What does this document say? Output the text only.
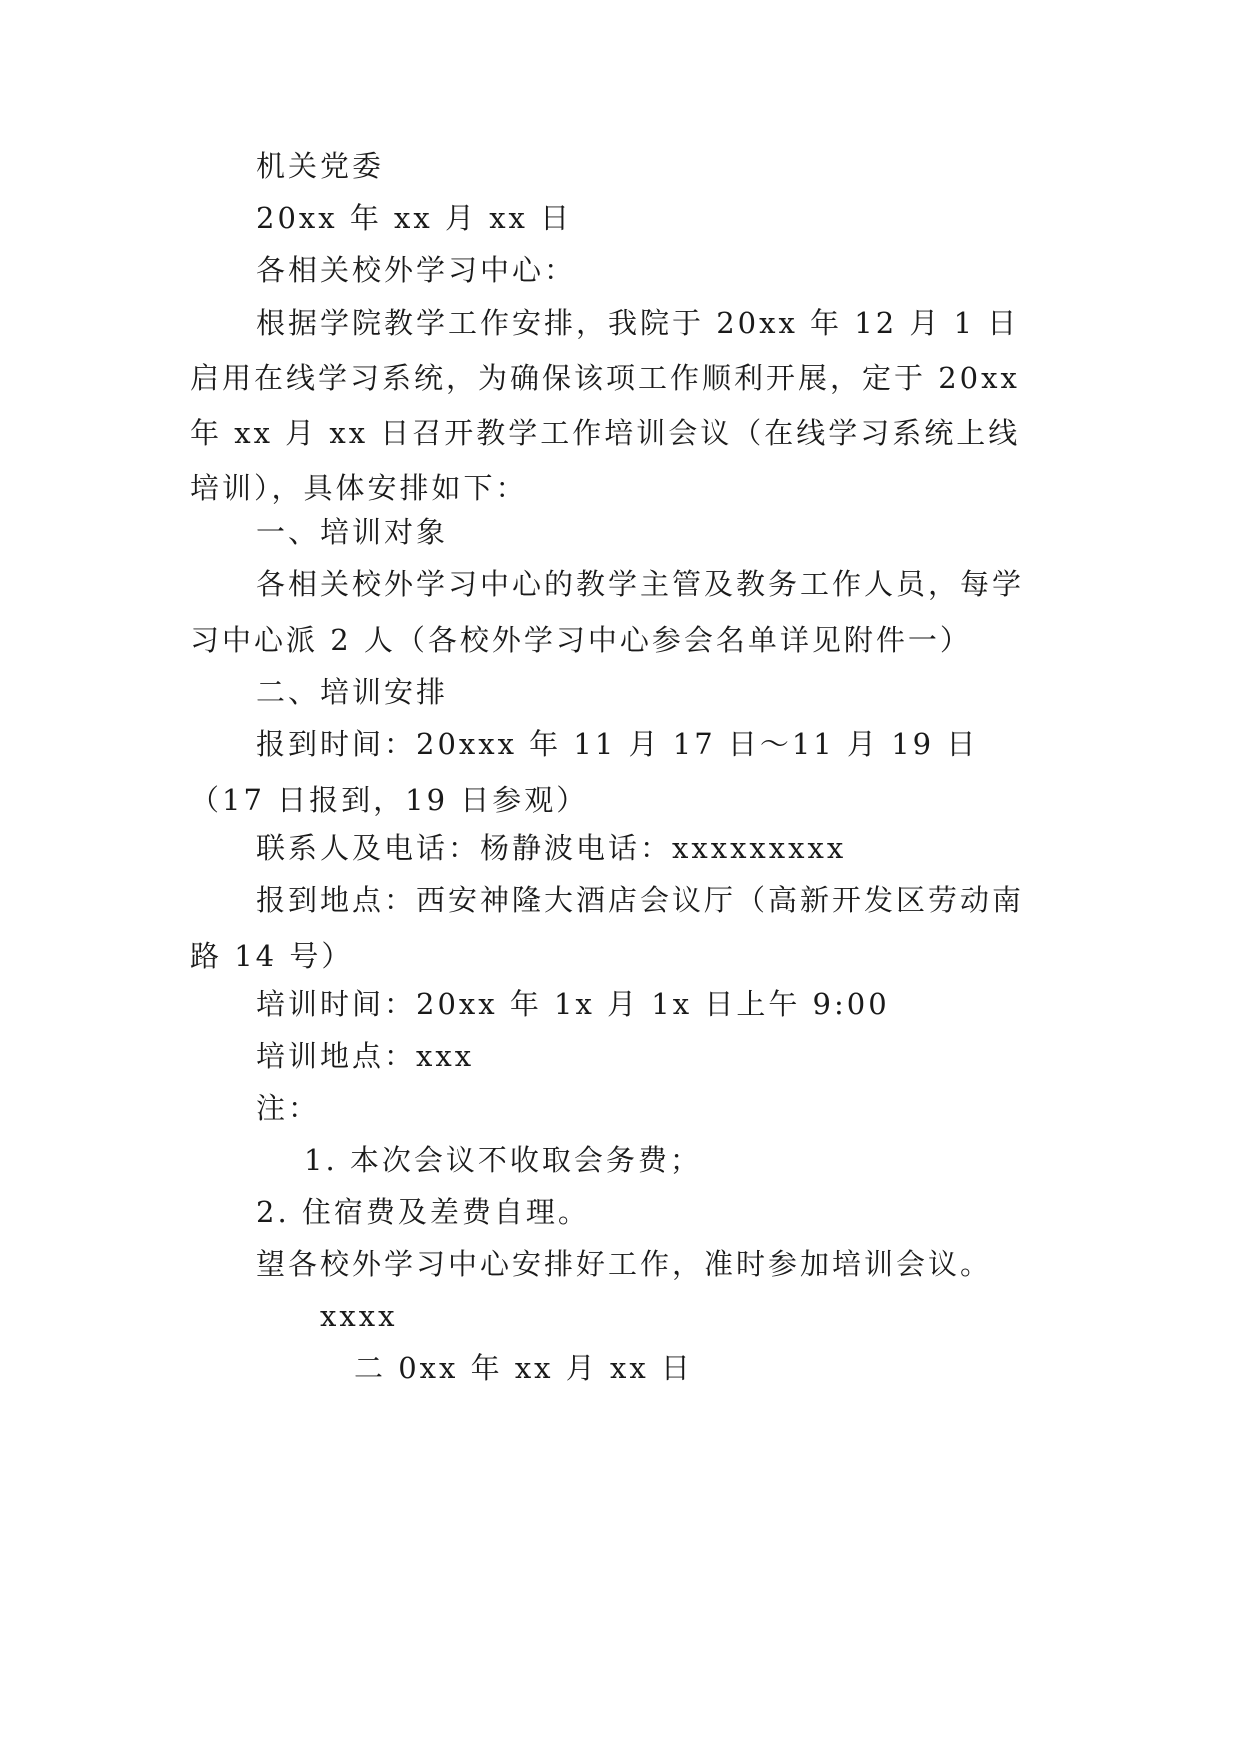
机关党委
20xx 年 xx 月 xx 日
各相关校外学习中心：

根据学院教学工作安排，我院于 20xx 年 12 月 1 日启用在线学习系统，为确保该项工作顺利开展，定于 20xx 年 xx 月 xx 日召开教学工作培训会议（在线学习系统上线培训），具体安排如下：

一、培训对象

各相关校外学习中心的教学主管及教务工作人员，每学习中心派 2 人（各校外学习中心参会名单详见附件一）

二、培训安排

报到时间：20xxx 年 11 月 17 日～11 月 19 日（17 日报到，19 日参观）

联系人及电话：杨静波电话：xxxxxxxxx

报到地点：西安神隆大酒店会议厅（高新开发区劳动南路 14 号）

培训时间：20xx 年 1x 月 1x 日上午 9:00
培训地点：xxx
注：
1. 本次会议不收取会务费；
2. 住宿费及差费自理。
望各校外学习中心安排好工作，准时参加培训会议。
xxxx
二 0xx 年 xx 月 xx 日
